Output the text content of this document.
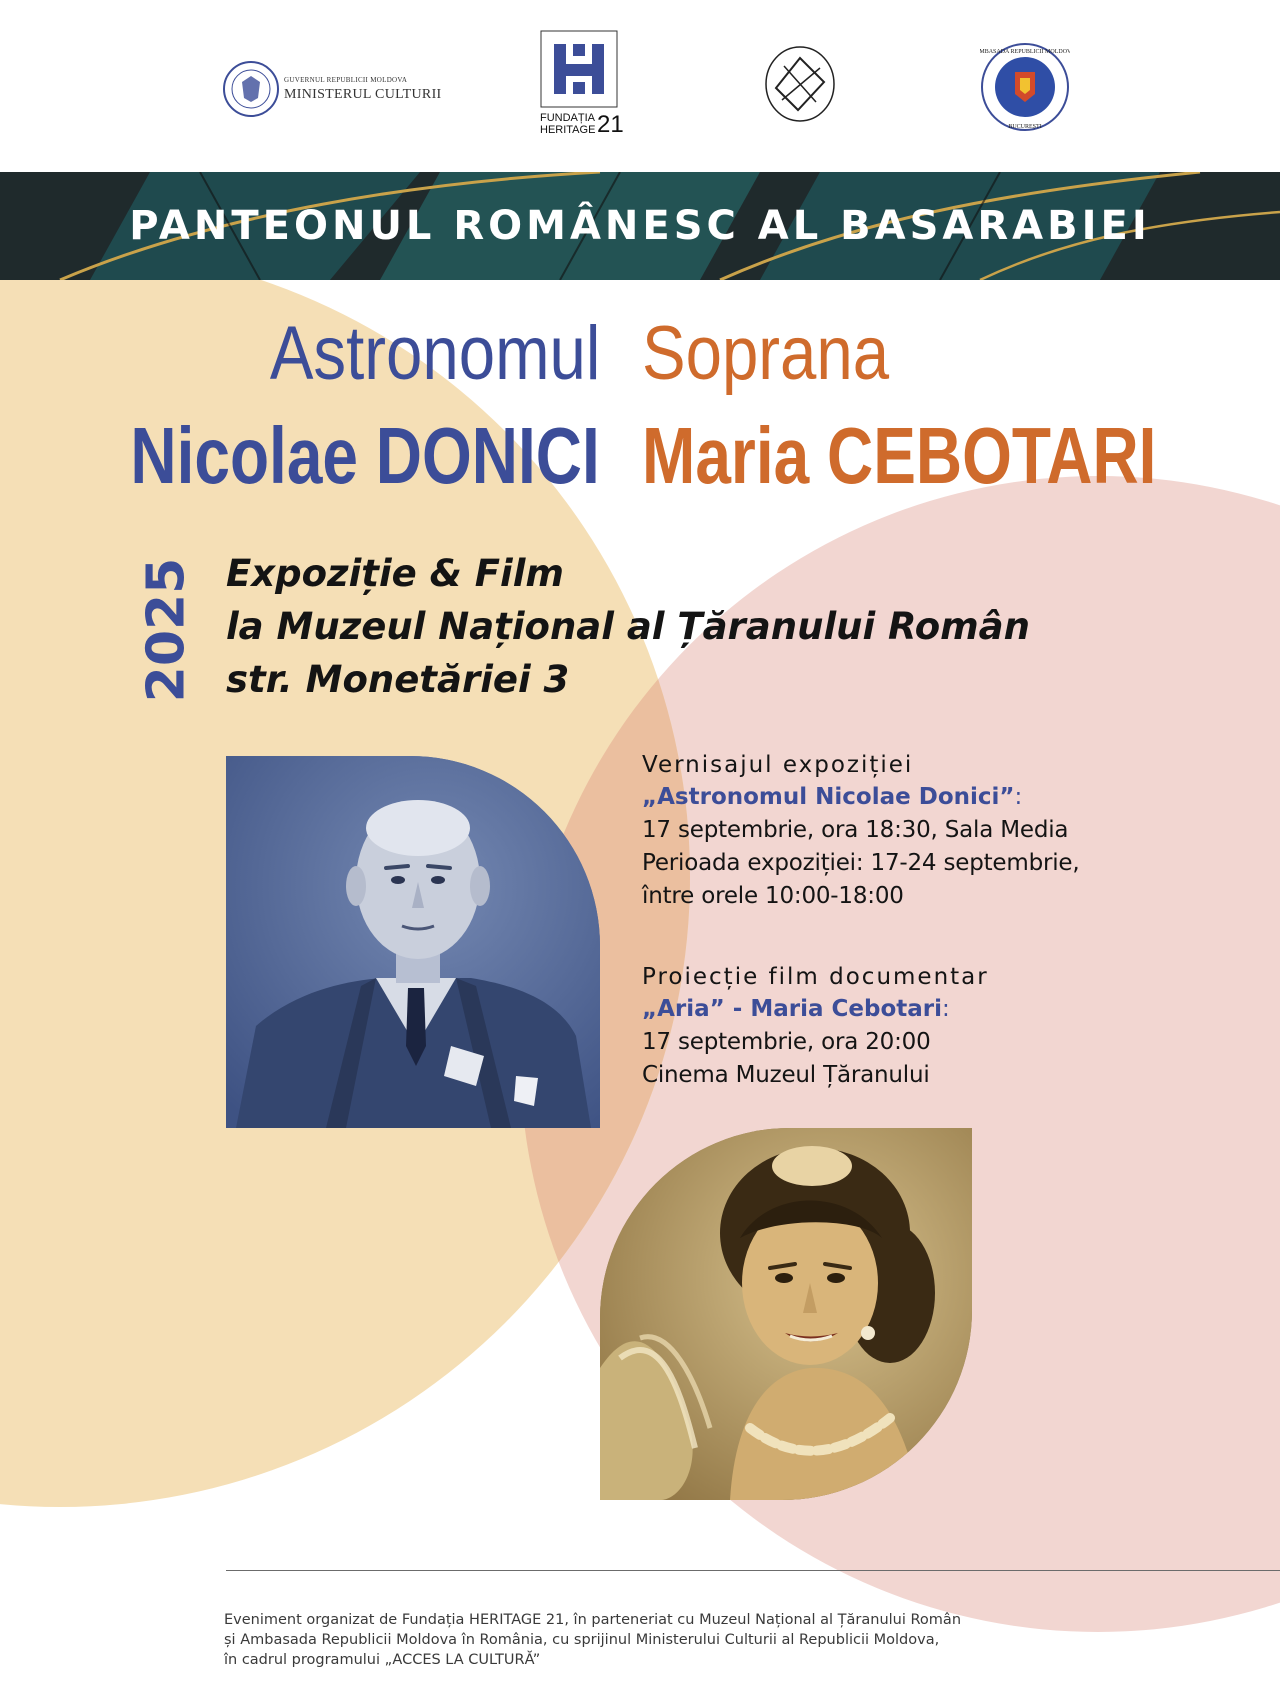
GUVERNUL REPUBLICII MOLDOVA
MINISTERUL CULTURII
FUNDAȚIA
HERITAGE 21
AMBASADA REPUBLICII MOLDOVA
BUCUREȘTI
PANTEONUL ROMÂNESC AL BASARABIEI
Astronomul
Nicolae DONICI
Soprana
Maria CEBOTARI
2025 Expoziție & Film
la Muzeul Național al Țăranului Român
str. Monetăriei 3
Vernisajul expoziției
„Astronomul Nicolae Donici”:
17 septembrie, ora 18:30, Sala Media
Perioada expoziției: 17-24 septembrie,
între orele 10:00-18:00
Proiecție film documentar
„Aria” - Maria Cebotari:
17 septembrie, ora 20:00
Cinema Muzeul Țăranului
Eveniment organizat de Fundația HERITAGE 21, în parteneriat cu Muzeul Național al Țăranului Român
și Ambasada Republicii Moldova în România, cu sprijinul Ministerului Culturii al Republicii Moldova,
în cadrul programului „ACCES LA CULTURĂ”
